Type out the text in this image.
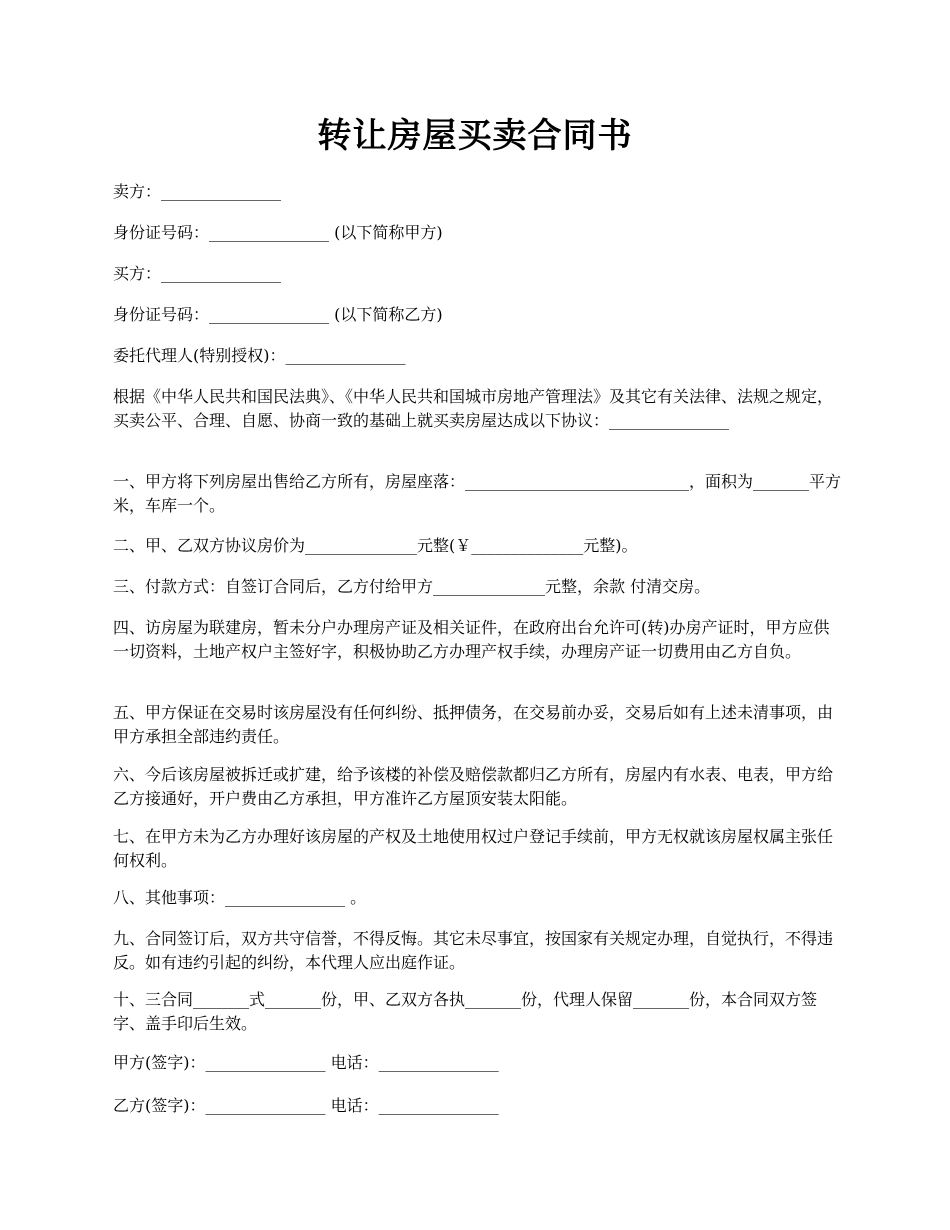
转让房屋买卖合同书

卖方：_______________

身份证号码：_______________ (以下简称甲方)

买方：_______________

身份证号码：_______________ (以下简称乙方)

委托代理人(特别授权)：_______________

根据《中华人民共和国民法典》、《中华人民共和国城市房地产管理法》及其它有关法律、法规之规定，买卖公平、合理、自愿、协商一致的基础上就买卖房屋达成以下协议：_______________

一、甲方将下列房屋出售给乙方所有，房屋座落：____________________________，面积为_______平方米，车库一个。

二、甲、乙双方协议房价为______________元整(￥______________元整)。

三、付款方式：自签订合同后，乙方付给甲方______________元整，余款 付清交房。

四、访房屋为联建房，暂未分户办理房产证及相关证件，在政府出台允许可(转)办房产证时，甲方应供一切资料，土地产权户主签好字，积极协助乙方办理产权手续，办理房产证一切费用由乙方自负。

五、甲方保证在交易时该房屋没有任何纠纷、抵押债务，在交易前办妥，交易后如有上述未清事项，由甲方承担全部违约责任。

六、今后该房屋被拆迁或扩建，给予该楼的补偿及赔偿款都归乙方所有，房屋内有水表、电表，甲方给乙方接通好，开户费由乙方承担，甲方准许乙方屋顶安装太阳能。

七、在甲方未为乙方办理好该房屋的产权及土地使用权过户登记手续前，甲方无权就该房屋权属主张任何权利。

八、其他事项：_______________ 。

九、合同签订后，双方共守信誉，不得反悔。其它未尽事宜，按国家有关规定办理，自觉执行，不得违反。如有违约引起的纠纷，本代理人应出庭作证。

十、三合同_______式_______份，甲、乙双方各执_______份，代理人保留_______份，本合同双方签字、盖手印后生效。

甲方(签字)：_______________ 电话：_______________

乙方(签字)：_______________ 电话：_______________
